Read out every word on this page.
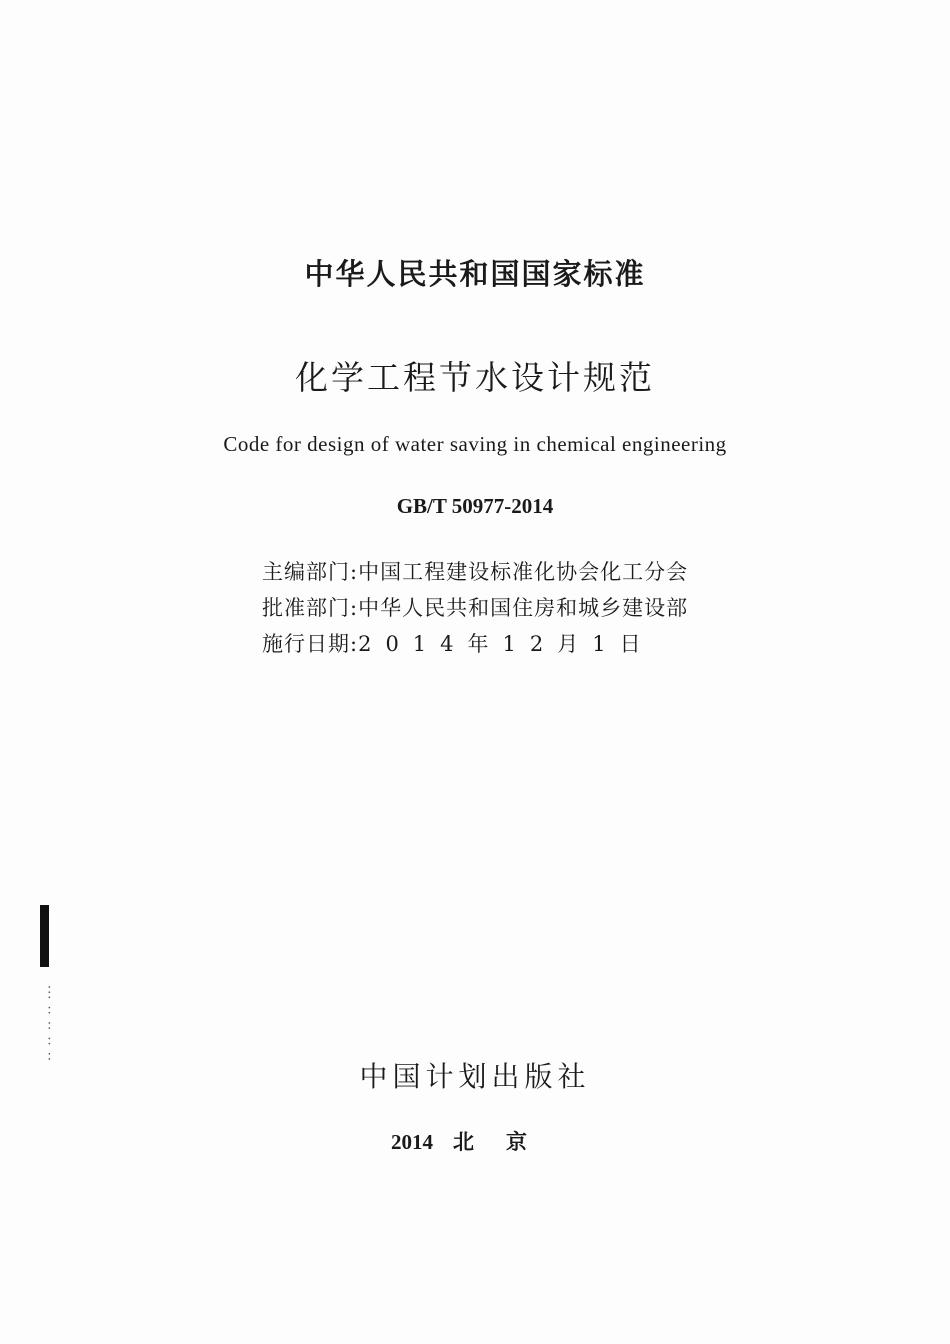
中华人民共和国国家标准
化学工程节水设计规范
Code for design of water saving in chemical engineering
GB/T 50977-2014
主编部门:中国工程建设标准化协会化工分会
批准部门:中华人民共和国住房和城乡建设部
施行日期:2014年12月1日
中国计划出版社
2014 北京
··· ·· ·· ·· ··
